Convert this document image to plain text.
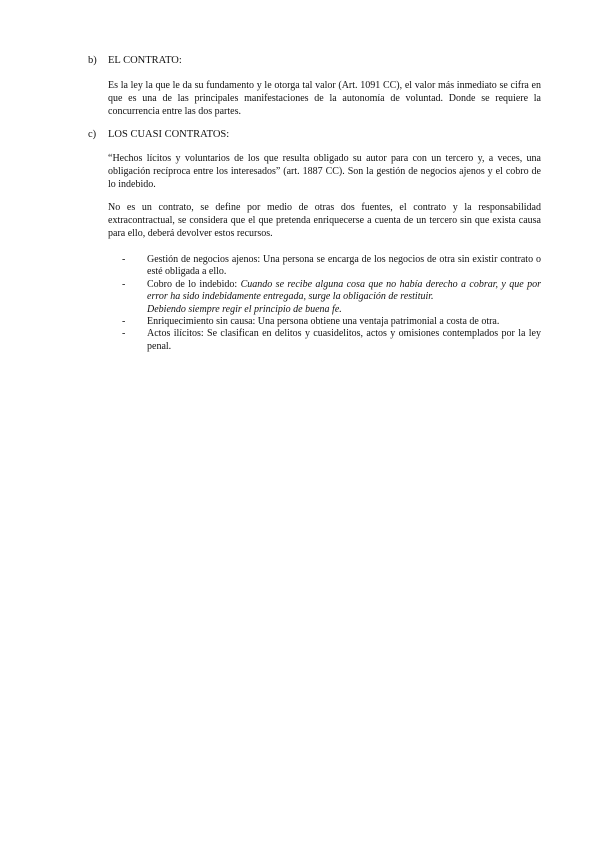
b)	EL CONTRATO:

Es la ley la que le da su fundamento y le otorga tal valor (Art. 1091 CC), el valor más inmediato se cifra en que es una de las principales manifestaciones de la autonomía de voluntad. Donde se requiere la concurrencia entre las dos partes.

c)	LOS CUASI CONTRATOS:

“Hechos lícitos y voluntarios de los que resulta obligado su autor para con un tercero y, a veces, una obligación recíproca entre los interesados” (art. 1887 CC). Son la gestión de negocios ajenos y el cobro de lo indebido.

No es un contrato, se define por medio de otras dos fuentes, el contrato y la responsabilidad extracontractual, se considera que el que pretenda enriquecerse a cuenta de un tercero sin que exista causa para ello, deberá devolver estos recursos.

-	Gestión de negocios ajenos: Una persona se encarga de los negocios de otra sin existir contrato o esté obligada a ello.
-	Cobro de lo indebido: Cuando se recibe alguna cosa que no había derecho a cobrar, y que por error ha sido indebidamente entregada, surge la obligación de restituir.
Debiendo siempre regir el principio de buena fe.
-	Enriquecimiento sin causa: Una persona obtiene una ventaja patrimonial a costa de otra.
-	Actos ilícitos: Se clasifican en delitos y cuasidelitos, actos y omisiones contemplados por la ley penal.
